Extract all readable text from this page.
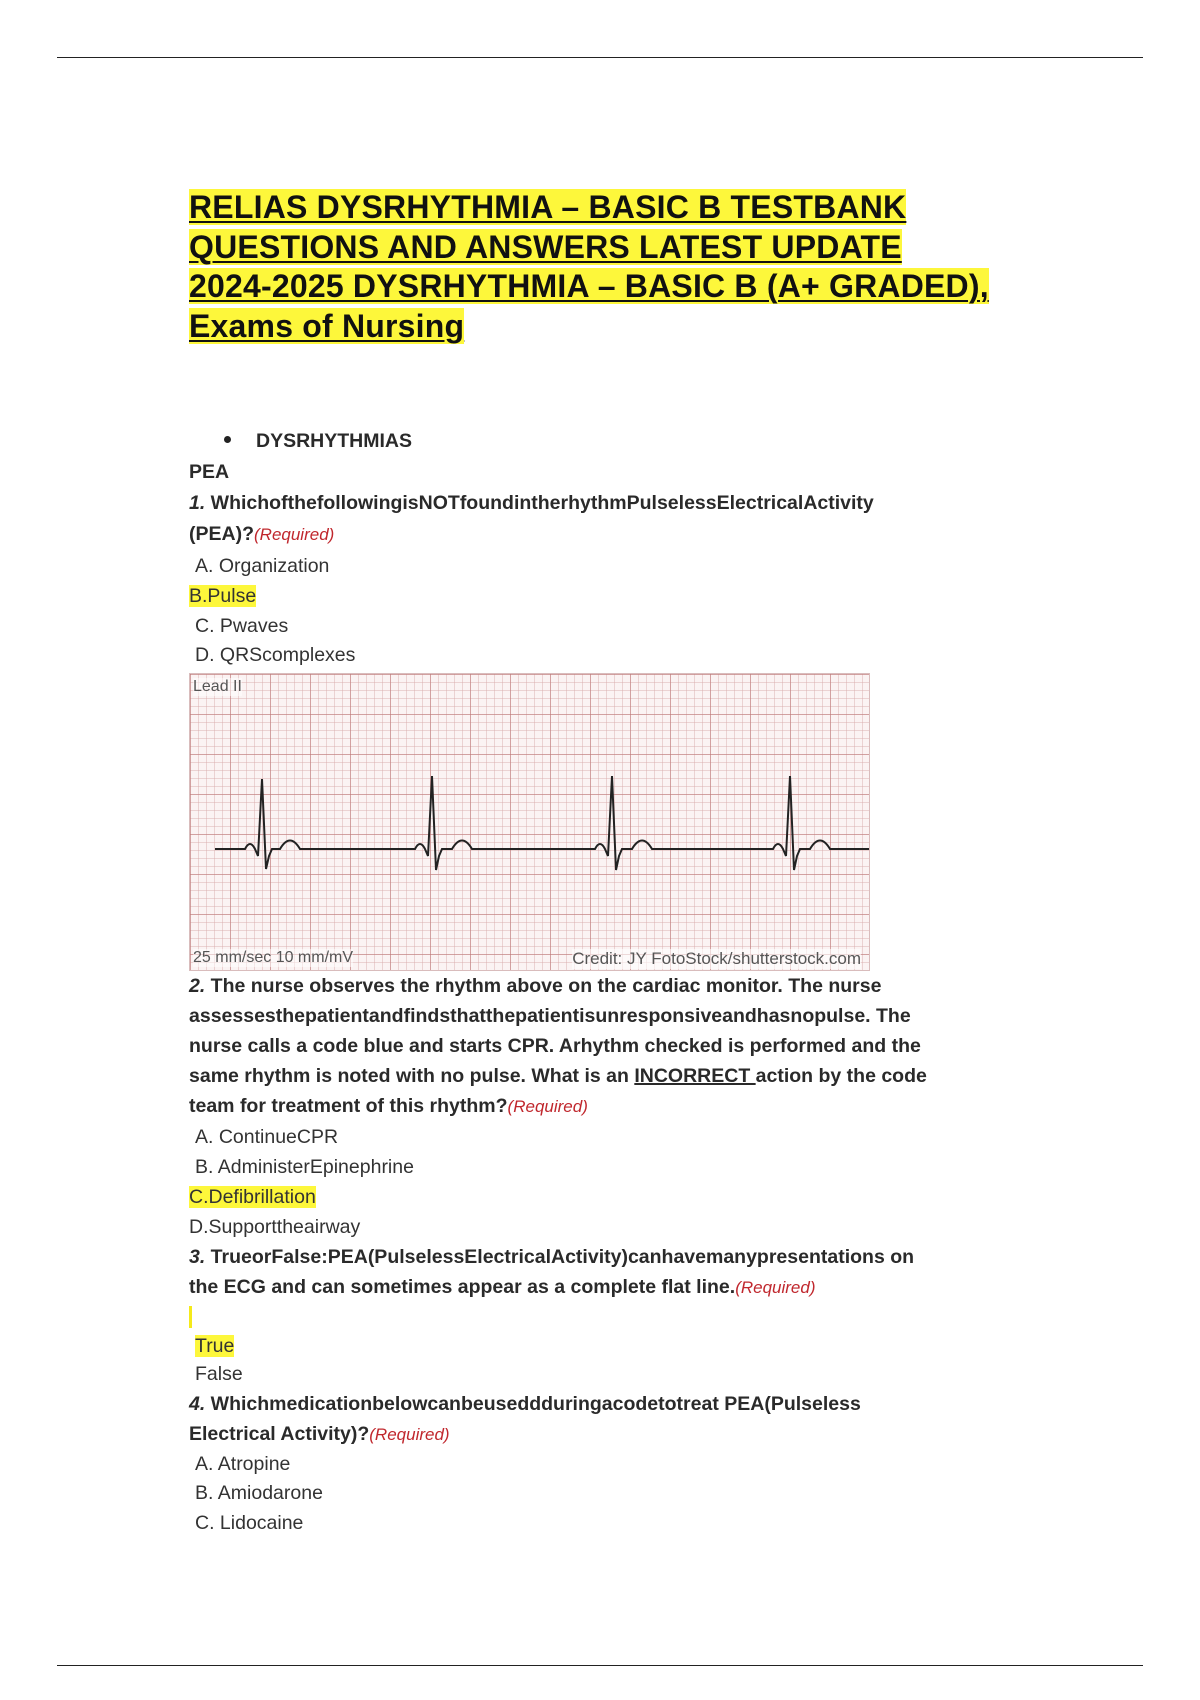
RELIAS DYSRHYTHMIA – BASIC B TESTBANK
QUESTIONS AND ANSWERS LATEST UPDATE
2024-2025 DYSRHYTHMIA – BASIC B (A+ GRADED),
Exams of Nursing
DYSRHYTHMIAS
PEA
1. WhichofthefollowingisNOTfoundintherhythmPulselessElectricalActivity
(PEA)?(Required)
A. Organization
B.Pulse
C. Pwaves
D. QRScomplexes
2. The nurse observes the rhythm above on the cardiac monitor. The nurse
assessesthepatientandfindsthatthepatientisunresponsiveandhasnopulse. The
nurse calls a code blue and starts CPR. Arhythm checked is performed and the
same rhythm is noted with no pulse. What is an INCORRECT action by the code
team for treatment of this rhythm?(Required)
A. ContinueCPR
B. AdministerEpinephrine
C.Defibrillation
D.Supporttheairway
3. TrueorFalse:PEA(PulselessElectricalActivity)canhavemanypresentations on
the ECG and can sometimes appear as a complete flat line.(Required)
True
False
4. Whichmedicationbelowcanbeuseddduringacodetotreat PEA(Pulseless
Electrical Activity)?(Required)
A. Atropine
B. Amiodarone
C. Lidocaine
Lead II
25 mm/sec 10 mm/mV	Credit: JY FotoStock/shutterstock.com
